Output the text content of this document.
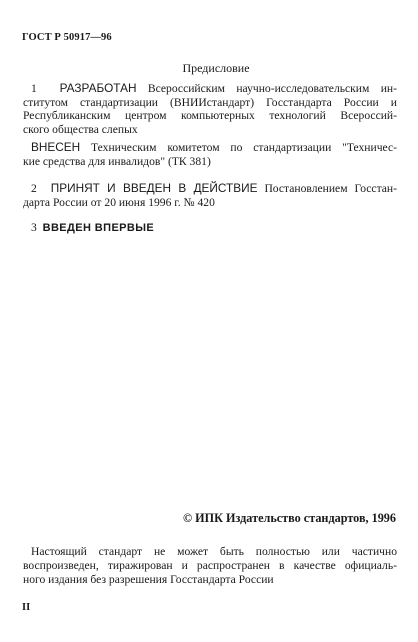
ГОСТ Р 50917—96
Предисловие
1 РАЗРАБОТАН Всероссийским научно-исследовательским ин-
ститутом стандартизации (ВНИИстандарт) Госстандарта России и
Республиканским центром компьютерных технологий Всероссий-
ского общества слепых
ВНЕСЕН Техническим комитетом по стандартизации "Техничес-
кие средства для инвалидов" (ТК 381)
2 ПРИНЯТ И ВВЕДЕН В ДЕЙСТВИЕ Постановлением Госстан-
дарта России от 20 июня 1996 г. № 420
3 ВВЕДЕН ВПЕРВЫЕ
© ИПК Издательство стандартов, 1996
Настоящий стандарт не может быть полностью или частично
воспроизведен, тиражирован и распространен в качестве официаль-
ного издания без разрешения Госстандарта России
II
